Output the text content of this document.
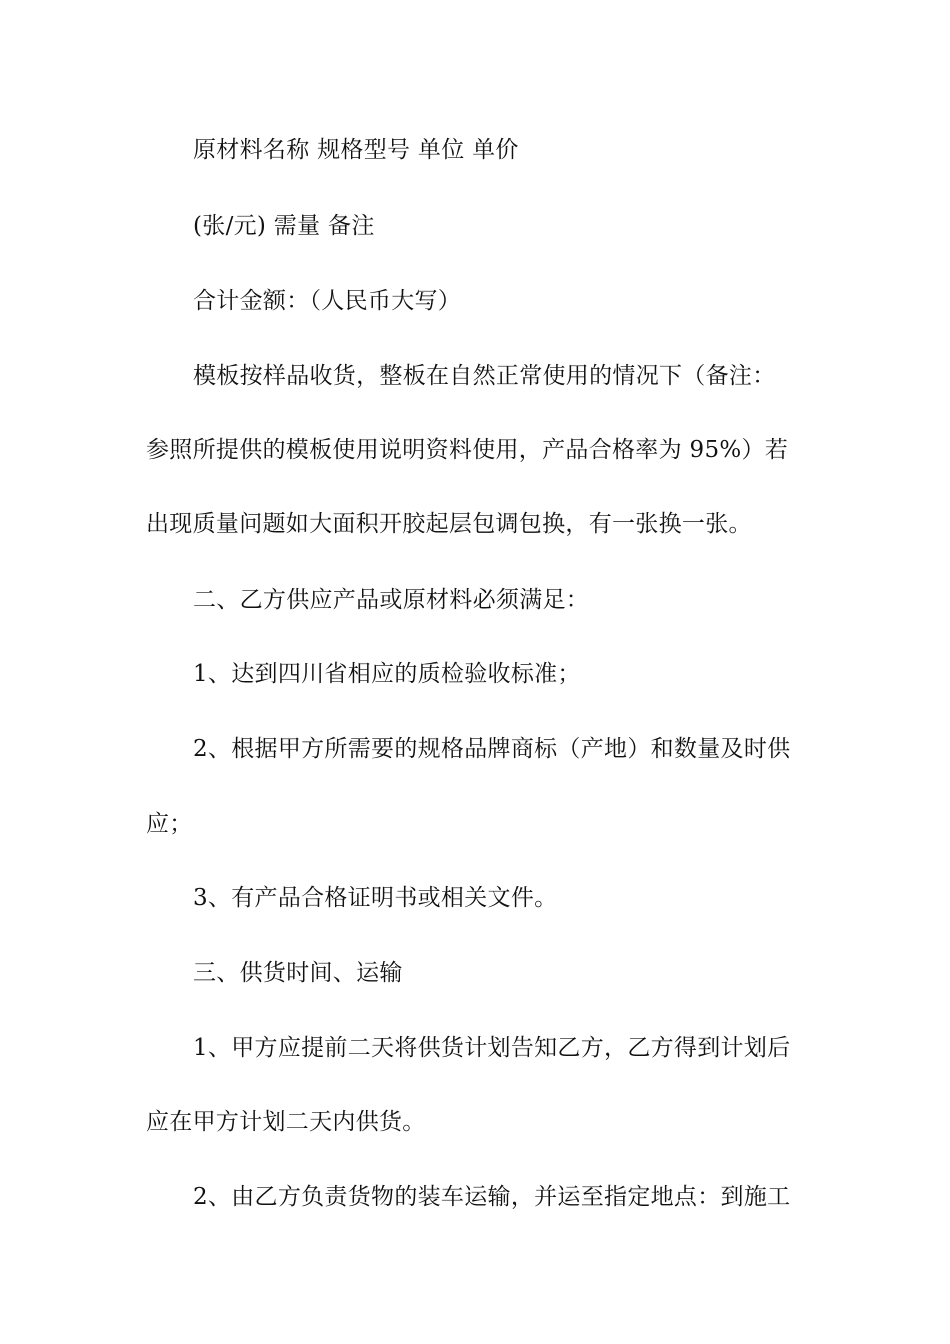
原材料名称 规格型号 单位 单价
(张/元) 需量 备注
合计金额：（人民币大写）
模板按样品收货，整板在自然正常使用的情况下（备注：
参照所提供的模板使用说明资料使用，产品合格率为 95%）若
出现质量问题如大面积开胶起层包调包换，有一张换一张。
二、乙方供应产品或原材料必须满足：
1、达到四川省相应的质检验收标准；
2、根据甲方所需要的规格品牌商标（产地）和数量及时供
应；
3、有产品合格证明书或相关文件。
三、供货时间、运输
1、甲方应提前二天将供货计划告知乙方，乙方得到计划后
应在甲方计划二天内供货。
2、由乙方负责货物的装车运输，并运至指定地点：到施工
